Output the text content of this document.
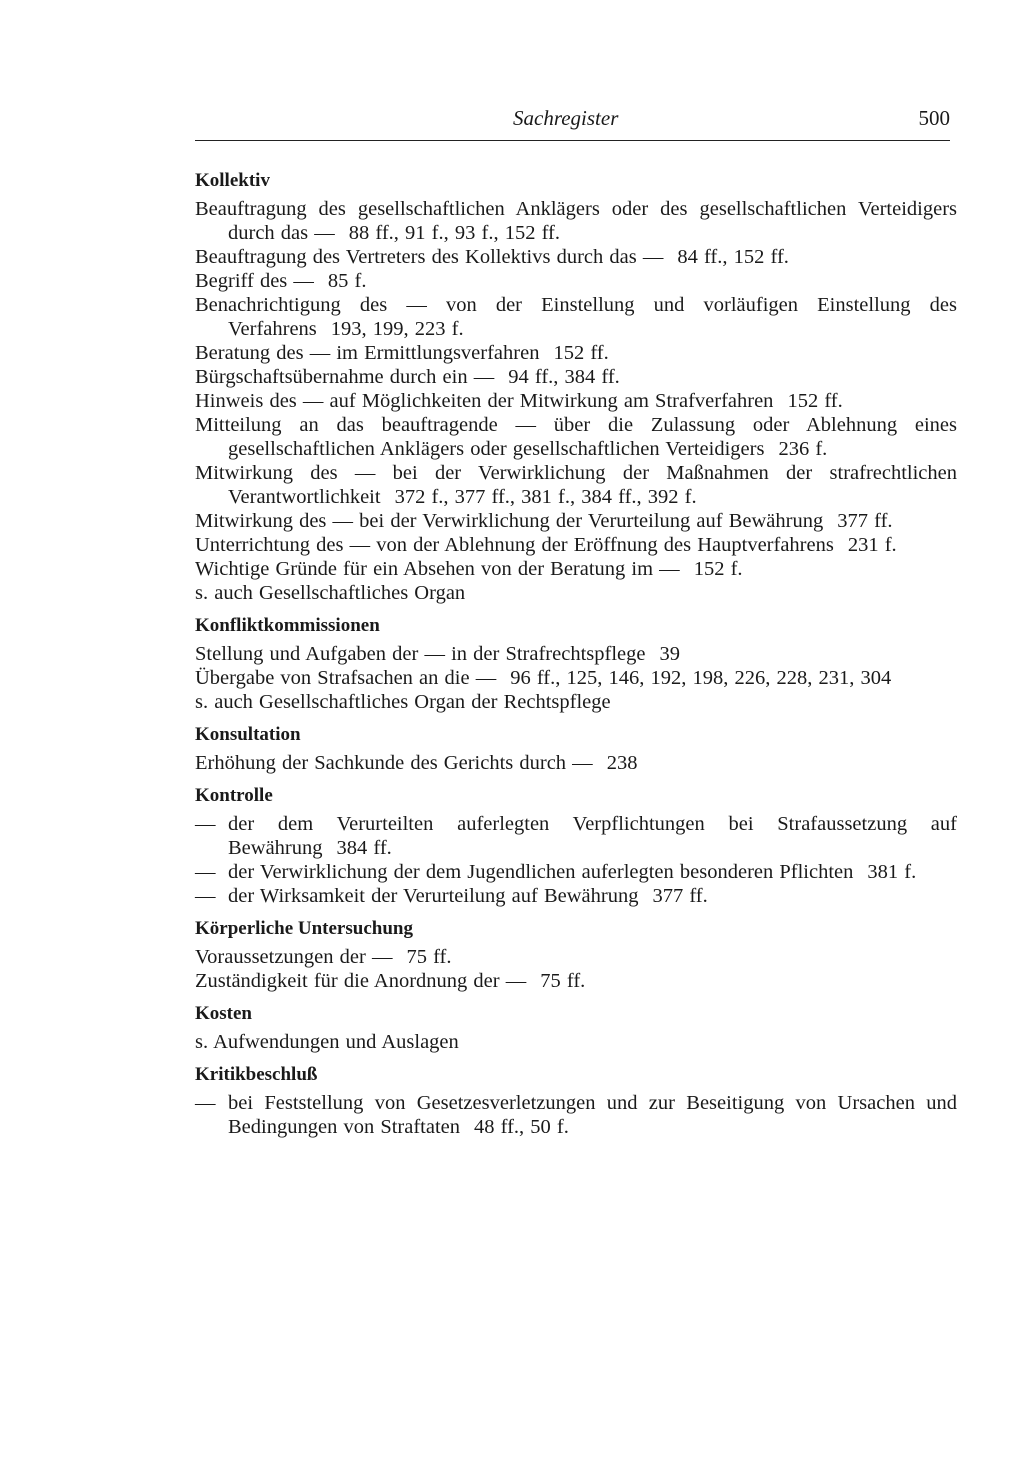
Sachregister	500
Kollektiv
Beauftragung des gesellschaftlichen Anklägers oder des gesellschaftlichen Verteidigers durch das — 88 ff., 91 f., 93 f., 152 ff.
Beauftragung des Vertreters des Kollektivs durch das — 84 ff., 152 ff.
Begriff des — 85 f.
Benachrichtigung des — von der Einstellung und vorläufigen Einstellung des Verfahrens 193, 199, 223 f.
Beratung des — im Ermittlungsverfahren 152 ff.
Bürgschaftsübernahme durch ein — 94 ff., 384 ff.
Hinweis des — auf Möglichkeiten der Mitwirkung am Strafverfahren 152 ff.
Mitteilung an das beauftragende — über die Zulassung oder Ablehnung eines gesellschaftlichen Anklägers oder gesellschaftlichen Verteidigers 236 f.
Mitwirkung des — bei der Verwirklichung der Maßnahmen der strafrechtlichen Verantwortlichkeit 372 f., 377 ff., 381 f., 384 ff., 392 f.
Mitwirkung des — bei der Verwirklichung der Verurteilung auf Bewährung 377 ff.
Unterrichtung des — von der Ablehnung der Eröffnung des Hauptverfahrens 231 f.
Wichtige Gründe für ein Absehen von der Beratung im — 152 f.
s. auch Gesellschaftliches Organ
Konfliktkommissionen
Stellung und Aufgaben der — in der Strafrechtspflege 39
Übergabe von Strafsachen an die — 96 ff., 125, 146, 192, 198, 226, 228, 231, 304
s. auch Gesellschaftliches Organ der Rechtspflege
Konsultation
Erhöhung der Sachkunde des Gerichts durch — 238
Kontrolle
— der dem Verurteilten auferlegten Verpflichtungen bei Strafaussetzung auf Bewährung 384 ff.
— der Verwirklichung der dem Jugendlichen auferlegten besonderen Pflichten 381 f.
— der Wirksamkeit der Verurteilung auf Bewährung 377 ff.
Körperliche Untersuchung
Voraussetzungen der — 75 ff.
Zuständigkeit für die Anordnung der — 75 ff.
Kosten
s. Aufwendungen und Auslagen
Kritikbeschluß
— bei Feststellung von Gesetzesverletzungen und zur Beseitigung von Ursachen und Bedingungen von Straftaten 48 ff., 50 f.
